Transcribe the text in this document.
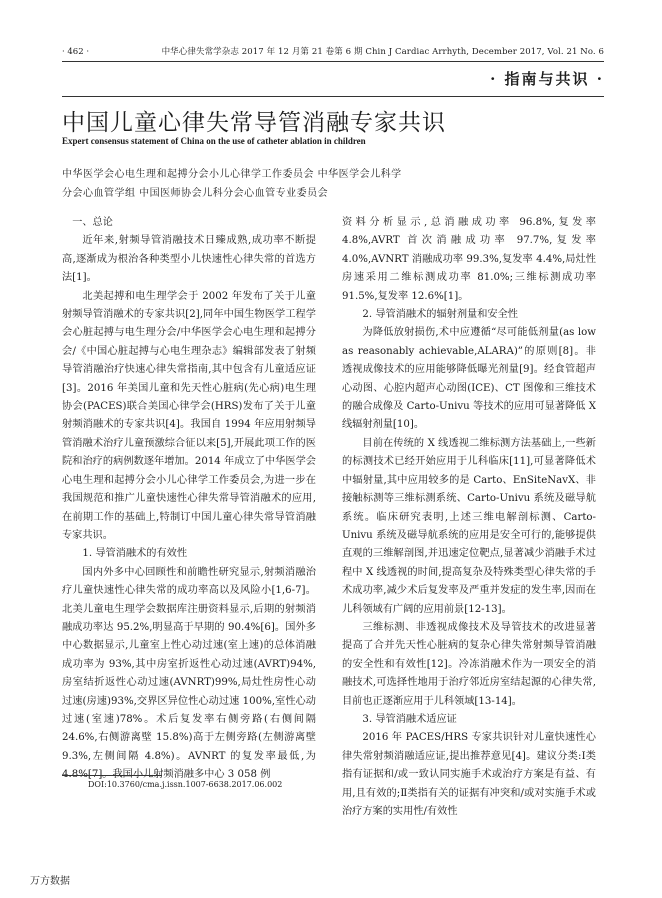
· 462 ·	中华心律失常学杂志 2017 年 12 月第 21 卷第 6 期 Chin J Cardiac Arrhyth, December 2017, Vol. 21 No. 6
· 指南与共识 ·
中国儿童心律失常导管消融专家共识
Expert consensus statement of China on the use of catheter ablation in children
中华医学会心电生理和起搏分会小儿心律学工作委员会 中华医学会儿科学
分会心血管学组 中国医师协会儿科分会心血管专业委员会

一、总论

近年来,射频导管消融技术日臻成熟,成功率不断提高,逐渐成为根治各种类型小儿快速性心律失常的首选方法[1]。

北美起搏和电生理学会于 2002 年发布了关于儿童射频导管消融术的专家共识[2],同年中国生物医学工程学会心脏起搏与电生理分会/中华医学会心电生理和起搏分会/《中国心脏起搏与心电生理杂志》编辑部发表了射频导管消融治疗快速心律失常指南,其中包含有儿童适应证[3]。2016 年美国儿童和先天性心脏病(先心病)电生理协会(PACES)联合美国心律学会(HRS)发布了关于儿童射频消融术的专家共识[4]。我国自 1994 年应用射频导管消融术治疗儿童预激综合征以来[5],开展此项工作的医院和治疗的病例数逐年增加。2014 年成立了中华医学会心电生理和起搏分会小儿心律学工作委员会,为进一步在我国规范和推广儿童快速性心律失常导管消融术的应用,在前期工作的基础上,特制订中国儿童心律失常导管消融专家共识。

1. 导管消融术的有效性

国内外多中心回顾性和前瞻性研究显示,射频消融治疗儿童快速性心律失常的成功率高以及风险小[1,6-7]。北美儿童电生理学会数据库注册资料显示,后期的射频消融成功率达 95.2%,明显高于早期的 90.4%[6]。国外多中心数据显示,儿童室上性心动过速(室上速)的总体消融成功率为 93%,其中房室折返性心动过速(AVRT)94%,房室结折返性心动过速(AVNRT)99%,局灶性房性心动过速(房速)93%,交界区异位性心动过速 100%,室性心动过速(室速)78%。术后复发率右侧旁路(右侧间隔 24.6%,右侧游离壁 15.8%)高于左侧旁路(左侧游离壁 9.3%,左侧间隔 4.8%)。AVNRT 的复发率最低,为 4.8%[7]。我国小儿射频消融多中心 3 058 例

资料分析显示,总消融成功率 96.8%,复发率 4.8%,AVRT 首次消融成功率 97.7%,复发率 4.0%,AVNRT 消融成功率 99.3%,复发率 4.4%,局灶性房速采用二维标测成功率 81.0%;三维标测成功率 91.5%,复发率 12.6%[1]。

2. 导管消融术的辐射剂量和安全性

为降低放射损伤,术中应遵循“尽可能低剂量(as low as reasonably achievable,ALARA)”的原则[8]。非透视成像技术的应用能够降低曝光剂量[9]。经食管超声心动图、心腔内超声心动图(ICE)、CT 图像和三维技术的融合成像及 Carto-Univu 等技术的应用可显著降低 X 线辐射剂量[10]。

目前在传统的 X 线透视二维标测方法基础上,一些新的标测技术已经开始应用于儿科临床[11],可显著降低术中辐射量,其中应用较多的是 Carto、EnSiteNavX、非接触标测等三维标测系统、Carto-Univu 系统及磁导航系统。临床研究表明,上述三维电解剖标测、Carto-Univu 系统及磁导航系统的应用是安全可行的,能够提供直观的三维解剖图,并迅速定位靶点,显著减少消融手术过程中 X 线透视的时间,提高复杂及特殊类型心律失常的手术成功率,减少术后复发率及严重并发症的发生率,因而在儿科领域有广阔的应用前景[12-13]。

三维标测、非透视成像技术及导管技术的改进显著提高了合并先天性心脏病的复杂心律失常射频导管消融的安全性和有效性[12]。冷冻消融术作为一项安全的消融技术,可选择性地用于治疗邻近房室结起源的心律失常,目前也正逐渐应用于儿科领域[13-14]。

3. 导管消融术适应证

2016 年 PACES/HRS 专家共识针对儿童快速性心律失常射频消融适应证,提出推荐意见[4]。建议分类:Ⅰ类指有证据和/或一致认同实施手术或治疗方案是有益、有用,且有效的;Ⅱ类指有关的证据有冲突和/或对实施手术或治疗方案的实用性/有效性

DOI:10.3760/cma.j.issn.1007-6638.2017.06.002
万方数据
